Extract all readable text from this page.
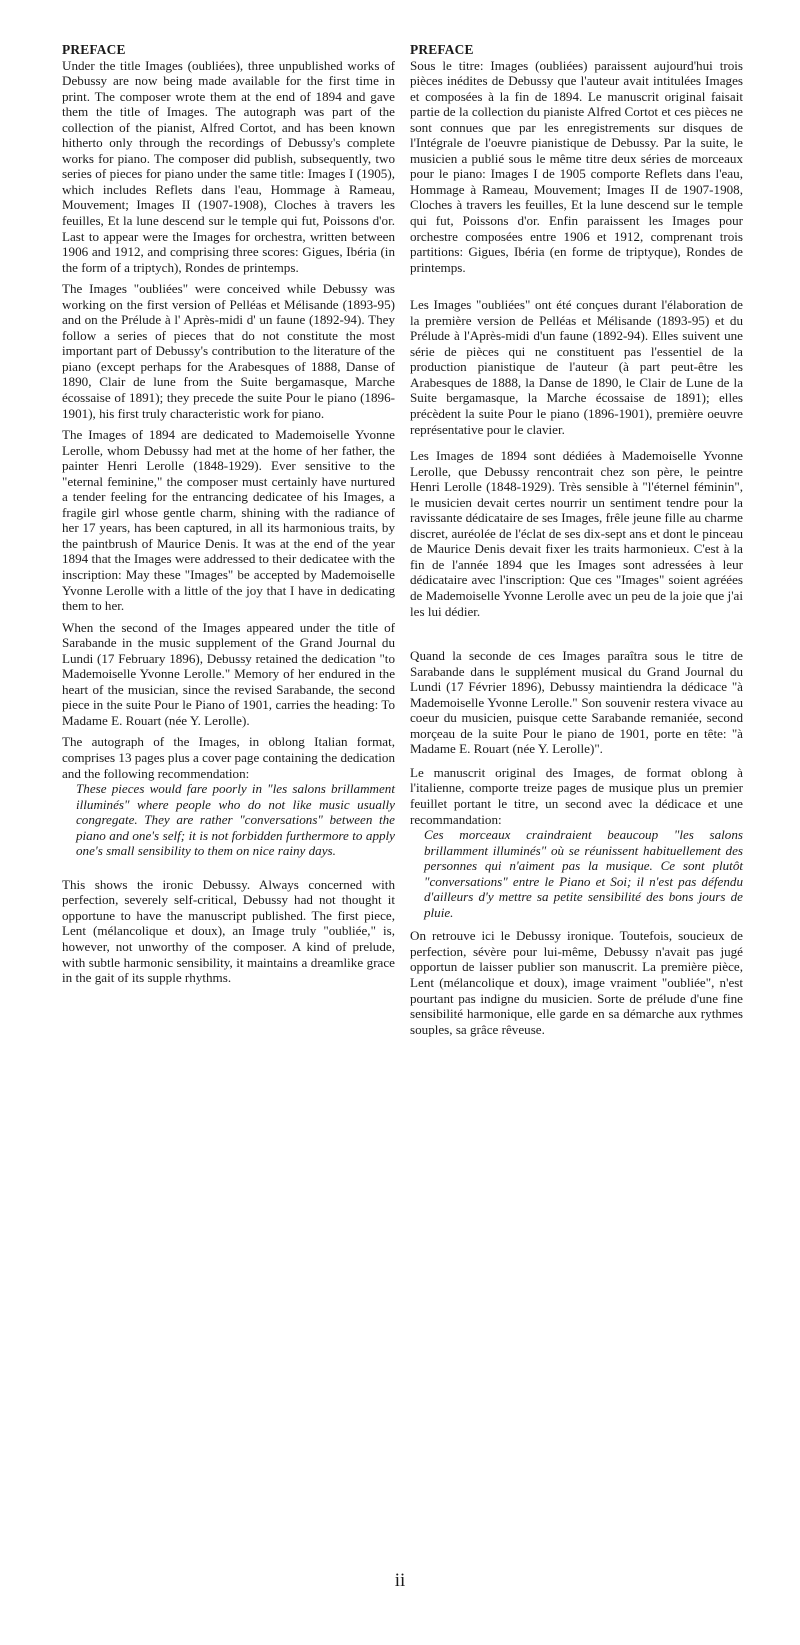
PREFACE

Under the title Images (oubliées), three unpublished works of Debussy are now being made available for the first time in print. The composer wrote them at the end of 1894 and gave them the title of Images. The autograph was part of the collection of the pianist, Alfred Cortot, and has been known hitherto only through the recordings of Debussy's complete works for piano. The composer did publish, subsequently, two series of pieces for piano under the same title: Images I (1905), which includes Reflets dans l'eau, Hommage à Rameau, Mouvement; Images II (1907-1908), Cloches à travers les feuilles, Et la lune descend sur le temple qui fut, Poissons d'or. Last to appear were the Images for orchestra, written between 1906 and 1912, and comprising three scores: Gigues, Ibéria (in the form of a triptych), Rondes de printemps.

The Images "oubliées" were conceived while Debussy was working on the first version of Pelléas et Mélisande (1893-95) and on the Prélude à l' Après-midi d' un faune (1892-94). They follow a series of pieces that do not constitute the most important part of Debussy's contribution to the literature of the piano (except perhaps for the Arabesques of 1888, Danse of 1890, Clair de lune from the Suite bergamasque, Marche écossaise of 1891); they precede the suite Pour le piano (1896-1901), his first truly characteristic work for piano.

The Images of 1894 are dedicated to Mademoiselle Yvonne Lerolle, whom Debussy had met at the home of her father, the painter Henri Lerolle (1848-1929). Ever sensitive to the "eternal feminine," the composer must certainly have nurtured a tender feeling for the entrancing dedicatee of his Images, a fragile girl whose gentle charm, shining with the radiance of her 17 years, has been captured, in all its harmonious traits, by the paintbrush of Maurice Denis. It was at the end of the year 1894 that the Images were addressed to their dedicatee with the inscription: May these "Images" be accepted by Mademoiselle Yvonne Lerolle with a little of the joy that I have in dedicating them to her.

When the second of the Images appeared under the title of Sarabande in the music supplement of the Grand Journal du Lundi (17 February 1896), Debussy retained the dedication "to Mademoiselle Yvonne Lerolle." Memory of her endured in the heart of the musician, since the revised Sarabande, the second piece in the suite Pour le Piano of 1901, carries the heading: To Madame E. Rouart (née Y. Lerolle).

The autograph of the Images, in oblong Italian format, comprises 13 pages plus a cover page containing the dedication and the following recommendation:

These pieces would fare poorly in "les salons brillamment illuminés" where people who do not like music usually congregate. They are rather "conversations" between the piano and one's self; it is not forbidden furthermore to apply one's small sensibility to them on nice rainy days.

This shows the ironic Debussy. Always concerned with perfection, severely self-critical, Debussy had not thought it opportune to have the manuscript published. The first piece, Lent (mélancolique et doux), an Image truly "oubliée," is, however, not unworthy of the composer. A kind of prelude, with subtle harmonic sensibility, it maintains a dreamlike grace in the gait of its supple rhythms.

PREFACE

Sous le titre: Images (oubliées) paraissent aujourd'hui trois pièces inédites de Debussy que l'auteur avait intitulées Images et composées à la fin de 1894. Le manuscrit original faisait partie de la collection du pianiste Alfred Cortot et ces pièces ne sont connues que par les enregistrements sur disques de l'Intégrale de l'oeuvre pianistique de Debussy. Par la suite, le musicien a publié sous le même titre deux séries de morceaux pour le piano: Images I de 1905 comporte Reflets dans l'eau, Hommage à Rameau, Mouvement; Images II de 1907-1908, Cloches à travers les feuilles, Et la lune descend sur le temple qui fut, Poissons d'or. Enfin paraissent les Images pour orchestre composées entre 1906 et 1912, comprenant trois partitions: Gigues, Ibéria (en forme de triptyque), Rondes de printemps.

Les Images "oubliées" ont été conçues durant l'élaboration de la première version de Pelléas et Mélisande (1893-95) et du Prélude à l'Après-midi d'un faune (1892-94). Elles suivent une série de pièces qui ne constituent pas l'essentiel de la production pianistique de l'auteur (à part peut-être les Arabesques de 1888, la Danse de 1890, le Clair de Lune de la Suite bergamasque, la Marche écossaise de 1891); elles précèdent la suite Pour le piano (1896-1901), première oeuvre représentative pour le clavier.

Les Images de 1894 sont dédiées à Mademoiselle Yvonne Lerolle, que Debussy rencontrait chez son père, le peintre Henri Lerolle (1848-1929). Très sensible à "l'éternel féminin", le musicien devait certes nourrir un sentiment tendre pour la ravissante dédicataire de ses Images, frêle jeune fille au charme discret, auréolée de l'éclat de ses dix-sept ans et dont le pinceau de Maurice Denis devait fixer les traits harmonieux. C'est à la fin de l'année 1894 que les Images sont adressées à leur dédicataire avec l'inscription: Que ces "Images" soient agréées de Mademoiselle Yvonne Lerolle avec un peu de la joie que j'ai les lui dédier.

Quand la seconde de ces Images paraîtra sous le titre de Sarabande dans le supplément musical du Grand Journal du Lundi (17 Février 1896), Debussy maintiendra la dédicace "à Mademoiselle Yvonne Lerolle." Son souvenir restera vivace au coeur du musicien, puisque cette Sarabande remaniée, second morçeau de la suite Pour le piano de 1901, porte en tête: "à Madame E. Rouart (née Y. Lerolle)".

Le manuscrit original des Images, de format oblong à l'italienne, comporte treize pages de musique plus un premier feuillet portant le titre, un second avec la dédicace et une recommandation:

Ces morceaux craindraient beaucoup "les salons brillamment illuminés" où se réunissent habituellement des personnes qui n'aiment pas la musique. Ce sont plutôt "conversations" entre le Piano et Soi; il n'est pas défendu d'ailleurs d'y mettre sa petite sensibilité des bons jours de pluie.

On retrouve ici le Debussy ironique. Toutefois, soucieux de perfection, sévère pour lui-même, Debussy n'avait pas jugé opportun de laisser publier son manuscrit. La première pièce, Lent (mélancolique et doux), image vraiment "oubliée", n'est pourtant pas indigne du musicien. Sorte de prélude d'une fine sensibilité harmonique, elle garde en sa démarche aux rythmes souples, sa grâce rêveuse.

ii
